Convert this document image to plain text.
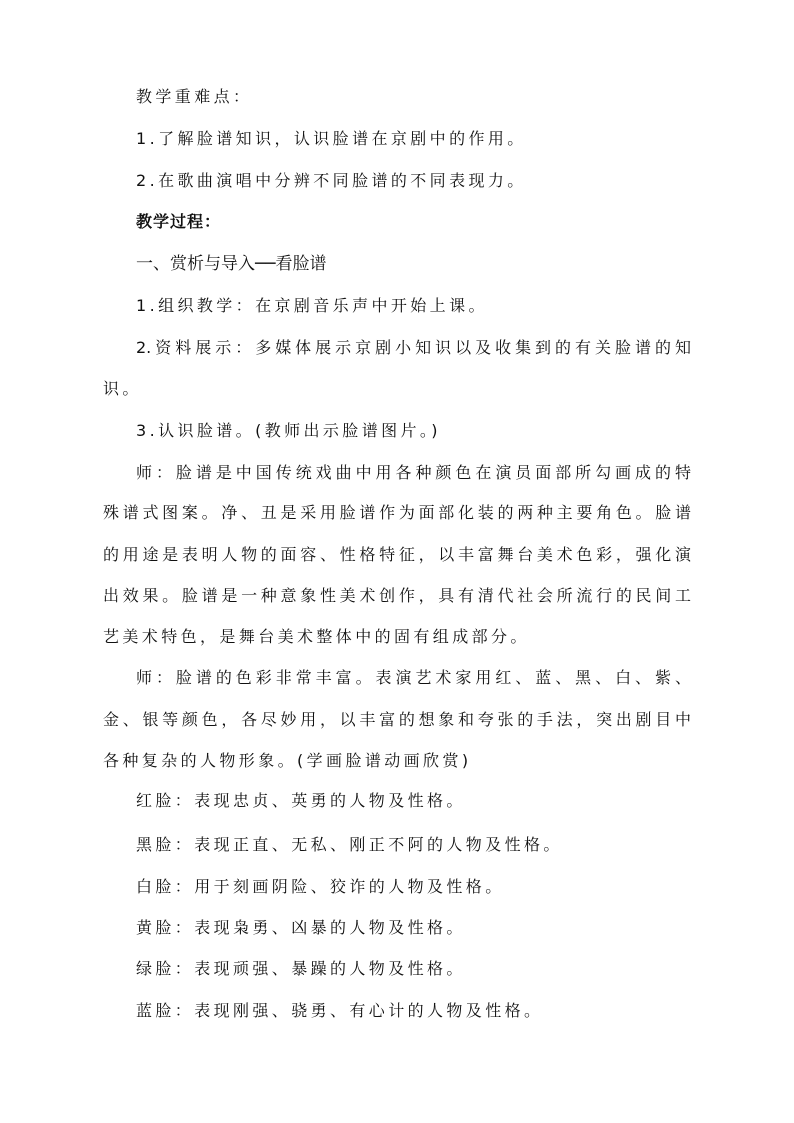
教学重难点：
1.了解脸谱知识，认识脸谱在京剧中的作用。
2.在歌曲演唱中分辨不同脸谱的不同表现力。
教学过程：
一、赏析与导入──看脸谱
1.组织教学：在京剧音乐声中开始上课。
2.资料展示：多媒体展示京剧小知识以及收集到的有关脸谱的知
识。
3.认识脸谱。(教师出示脸谱图片。)
师：脸谱是中国传统戏曲中用各种颜色在演员面部所勾画成的特
殊谱式图案。净、丑是采用脸谱作为面部化装的两种主要角色。脸谱
的用途是表明人物的面容、性格特征，以丰富舞台美术色彩，强化演
出效果。脸谱是一种意象性美术创作，具有清代社会所流行的民间工
艺美术特色，是舞台美术整体中的固有组成部分。
师：脸谱的色彩非常丰富。表演艺术家用红、蓝、黑、白、紫、
金、银等颜色，各尽妙用，以丰富的想象和夸张的手法，突出剧目中
各种复杂的人物形象。(学画脸谱动画欣赏)
红脸：表现忠贞、英勇的人物及性格。
黑脸：表现正直、无私、刚正不阿的人物及性格。
白脸：用于刻画阴险、狡诈的人物及性格。
黄脸：表现枭勇、凶暴的人物及性格。
绿脸：表现顽强、暴躁的人物及性格。
蓝脸：表现刚强、骁勇、有心计的人物及性格。
